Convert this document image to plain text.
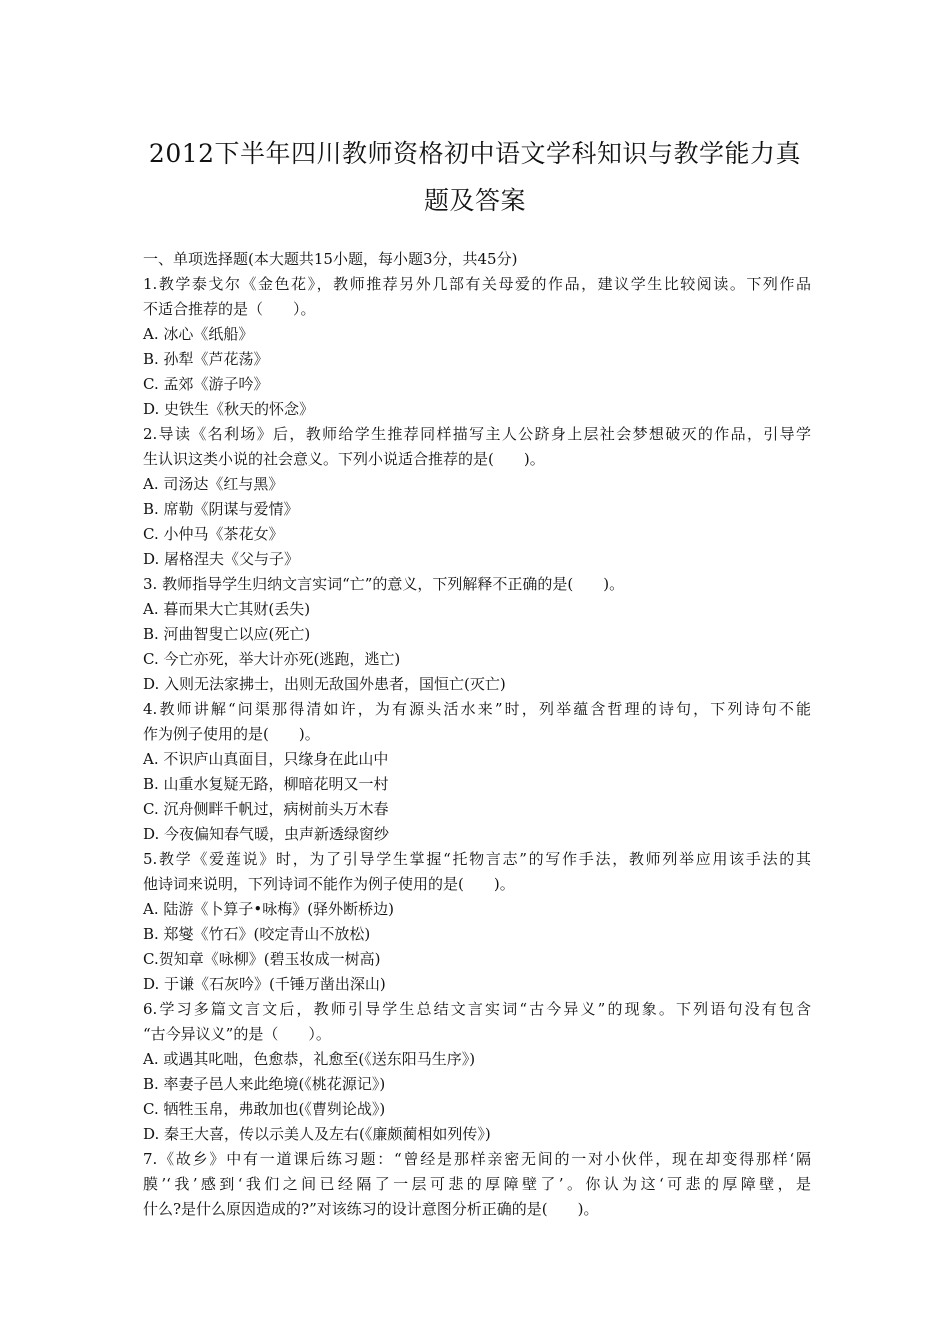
2012下半年四川教师资格初中语文学科知识与教学能力真
题及答案
一、单项选择题(本大题共15小题，每小题3分，共45分)
1.教学泰戈尔《金色花》，教师推荐另外几部有关母爱的作品，建议学生比较阅读。下列作品
不适合推荐的是（　　）。
A. 冰心《纸船》
B. 孙犁《芦花荡》
C. 孟郊《游子吟》
D. 史铁生《秋天的怀念》
2.导读《名利场》后，教师给学生推荐同样描写主人公跻身上层社会梦想破灭的作品，引导学
生认识这类小说的社会意义。下列小说适合推荐的是(　　)。
A. 司汤达《红与黑》
B. 席勒《阴谋与爱情》
C. 小仲马《茶花女》
D. 屠格涅夫《父与子》
3. 教师指导学生归纳文言实词“亡”的意义，下列解释不正确的是(　　)。
A. 暮而果大亡其财(丢失)
B. 河曲智叟亡以应(死亡)
C. 今亡亦死，举大计亦死(逃跑，逃亡)
D. 入则无法家拂士，出则无敌国外患者，国恒亡(灭亡)
4.教师讲解“问渠那得清如许，为有源头活水来”时，列举蕴含哲理的诗句，下列诗句不能
作为例子使用的是(　　)。
A. 不识庐山真面目，只缘身在此山中
B. 山重水复疑无路，柳暗花明又一村
C. 沉舟侧畔千帆过，病树前头万木春
D. 今夜偏知春气暖，虫声新透绿窗纱
5.教学《爱莲说》时，为了引导学生掌握“托物言志”的写作手法，教师列举应用该手法的其
他诗词来说明，下列诗词不能作为例子使用的是(　　)。
A. 陆游《卜算子•咏梅》(驿外断桥边)
B. 郑燮《竹石》(咬定青山不放松)
C.贺知章《咏柳》(碧玉妆成一树高)
D. 于谦《石灰吟》(千锤万凿出深山)
6.学习多篇文言文后，教师引导学生总结文言实词“古今异义”的现象。下列语句没有包含
“古今异议义”的是（　　）。
A. 或遇其叱咄，色愈恭，礼愈至(《送东阳马生序》)
B. 率妻子邑人来此绝境(《桃花源记》)
C. 牺牲玉帛，弗敢加也(《曹刿论战》)
D. 秦王大喜，传以示美人及左右(《廉颇蔺相如列传》)
7.《故乡》中有一道课后练习题：“曾经是那样亲密无间的一对小伙伴，现在却变得那样‘隔
膜’‘我’感到‘我们之间已经隔了一层可悲的厚障壁了’。你认为这‘可悲的厚障壁，是
什么?是什么原因造成的?”对该练习的设计意图分析正确的是(　　)。
